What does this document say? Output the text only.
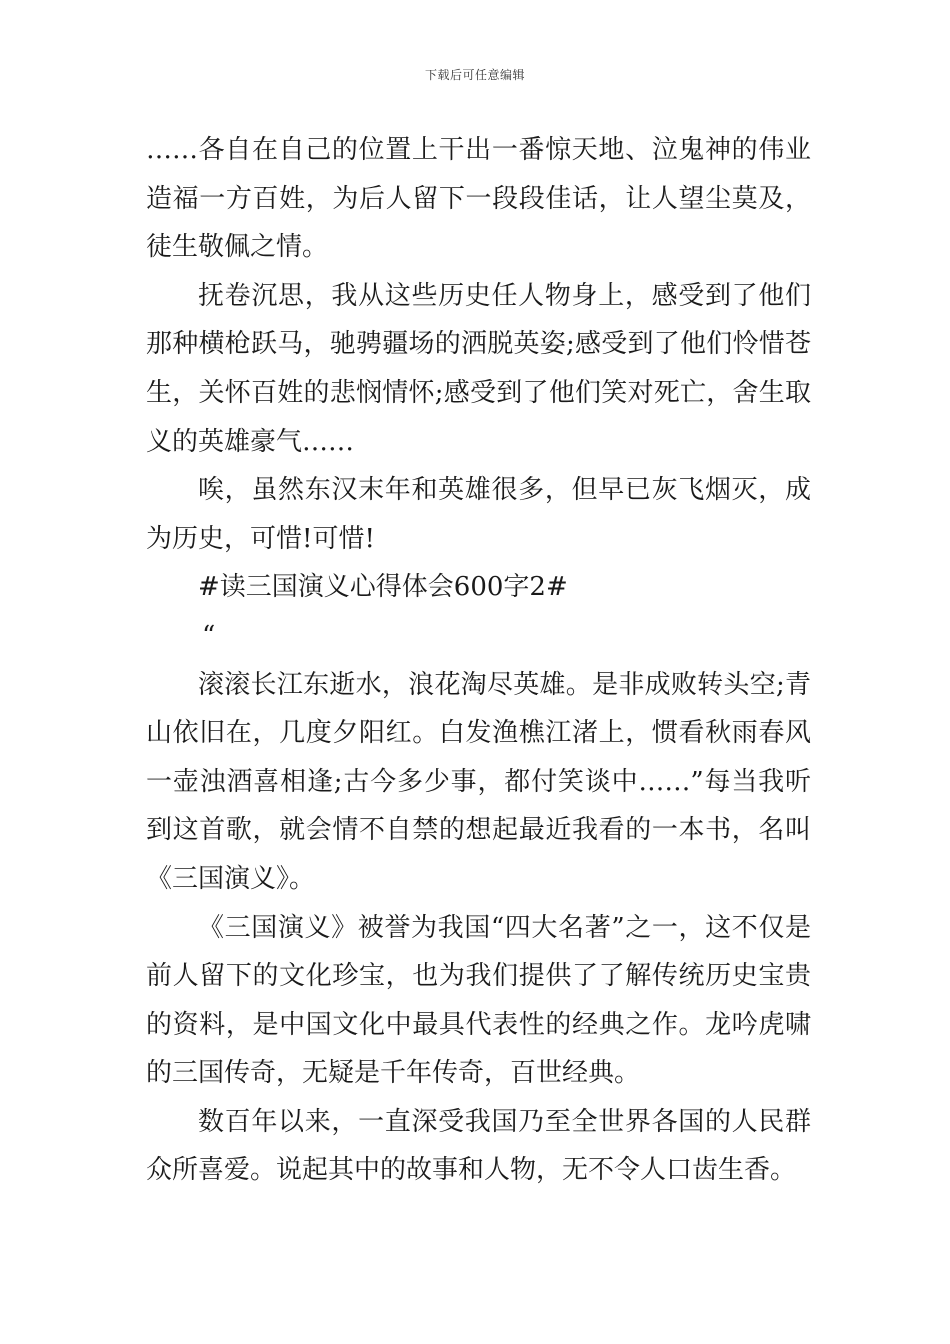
下载后可任意编辑

……各自在自己的位置上干出一番惊天地、泣鬼神的伟业造福一方百姓，为后人留下一段段佳话，让人望尘莫及，徒生敬佩之情。

抚卷沉思，我从这些历史任人物身上，感受到了他们那种横枪跃马，驰骋疆场的洒脱英姿;感受到了他们怜惜苍生，关怀百姓的悲悯情怀;感受到了他们笑对死亡，舍生取义的英雄豪气……

唉，虽然东汉末年和英雄很多，但早已灰飞烟灭，成为历史，可惜!可惜!

#读三国演义心得体会600字2#

“

滚滚长江东逝水，浪花淘尽英雄。是非成败转头空;青山依旧在，几度夕阳红。白发渔樵江渚上，惯看秋雨春风一壶浊酒喜相逢;古今多少事，都付笑谈中……”每当我听到这首歌，就会情不自禁的想起最近我看的一本书，名叫《三国演义》。

《三国演义》被誉为我国“四大名著”之一，这不仅是前人留下的文化珍宝，也为我们提供了了解传统历史宝贵的资料，是中国文化中最具代表性的经典之作。龙吟虎啸的三国传奇，无疑是千年传奇，百世经典。

数百年以来，一直深受我国乃至全世界各国的人民群众所喜爱。说起其中的故事和人物，无不令人口齿生香。
